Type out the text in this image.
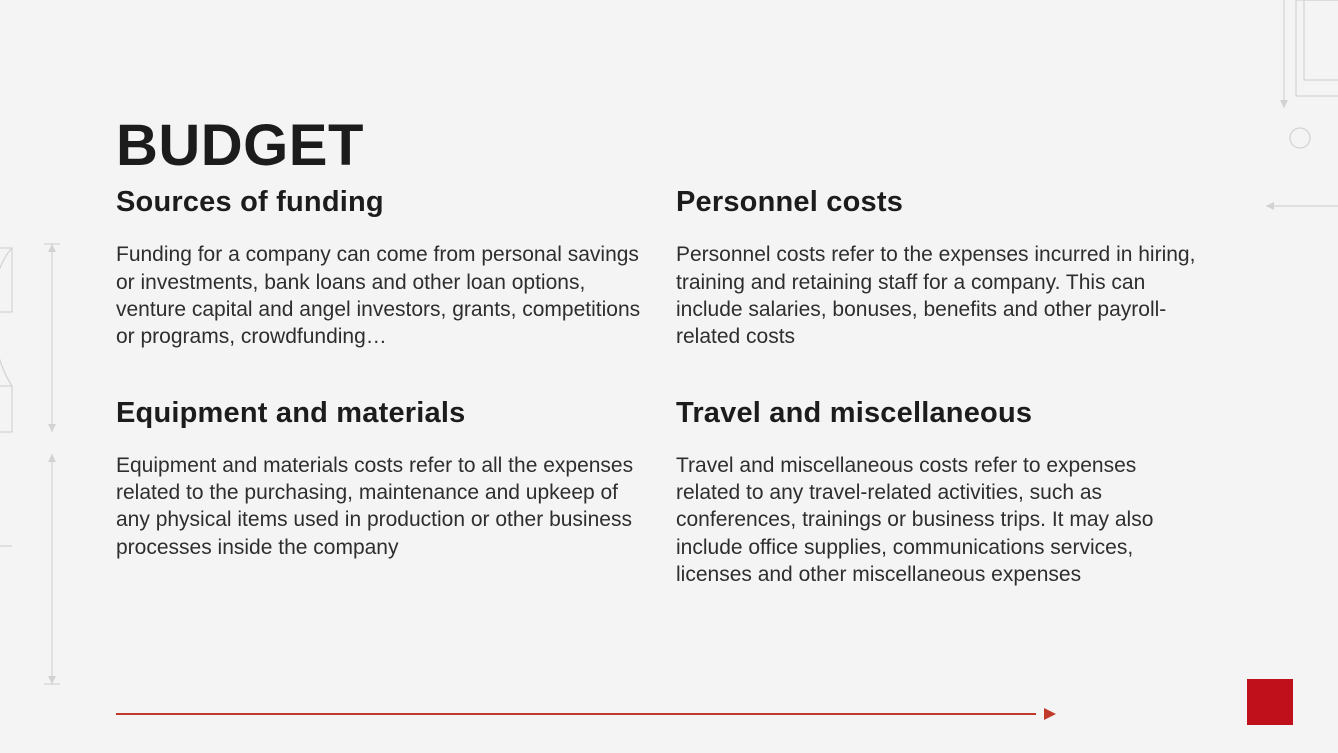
BUDGET
Sources of funding

Funding for a company can come from personal savings or investments, bank loans and other loan options, venture capital and angel investors, grants, competitions or programs, crowdfunding…

Personnel costs

Personnel costs refer to the expenses incurred in hiring, training and retaining staff for a company. This can include salaries, bonuses, benefits and other payroll-related costs

Equipment and materials

Equipment and materials costs refer to all the expenses related to the purchasing, maintenance and upkeep of any physical items used in production or other business processes inside the company

Travel and miscellaneous

Travel and miscellaneous costs refer to expenses related to any travel-related activities, such as conferences, trainings or business trips. It may also include office supplies, communications services, licenses and other miscellaneous expenses
